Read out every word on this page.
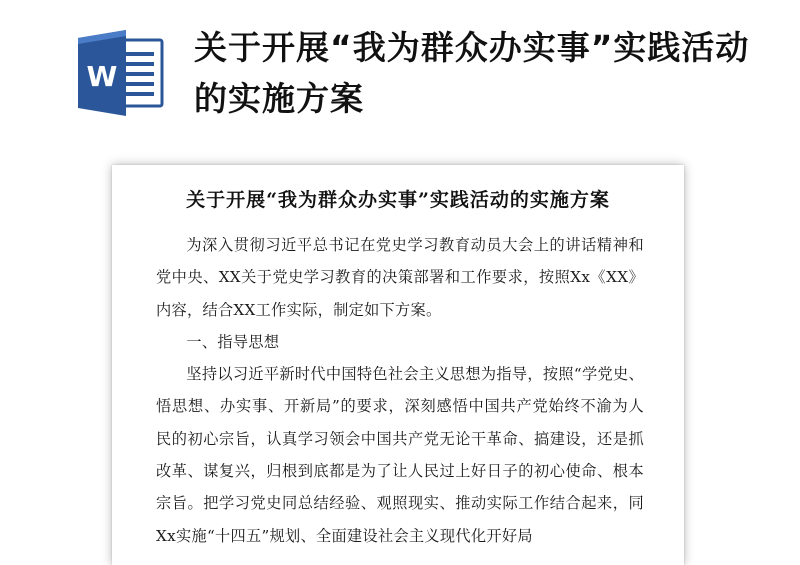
W
关于开展“我为群众办实事”实践活动的实施方案
关于开展“我为群众办实事”实践活动的实施方案

为深入贯彻习近平总书记在党史学习教育动员大会上的讲话精神和党中央、XX关于党史学习教育的决策部署和工作要求，按照Xx《XX》内容，结合XX工作实际，制定如下方案。

一、指导思想

坚持以习近平新时代中国特色社会主义思想为指导，按照“学党史、悟思想、办实事、开新局”的要求，深刻感悟中国共产党始终不渝为人民的初心宗旨，认真学习领会中国共产党无论干革命、搞建设，还是抓改革、谋复兴，归根到底都是为了让人民过上好日子的初心使命、根本宗旨。把学习党史同总结经验、观照现实、推动实际工作结合起来，同Xx实施“十四五”规划、全面建设社会主义现代化开好局
